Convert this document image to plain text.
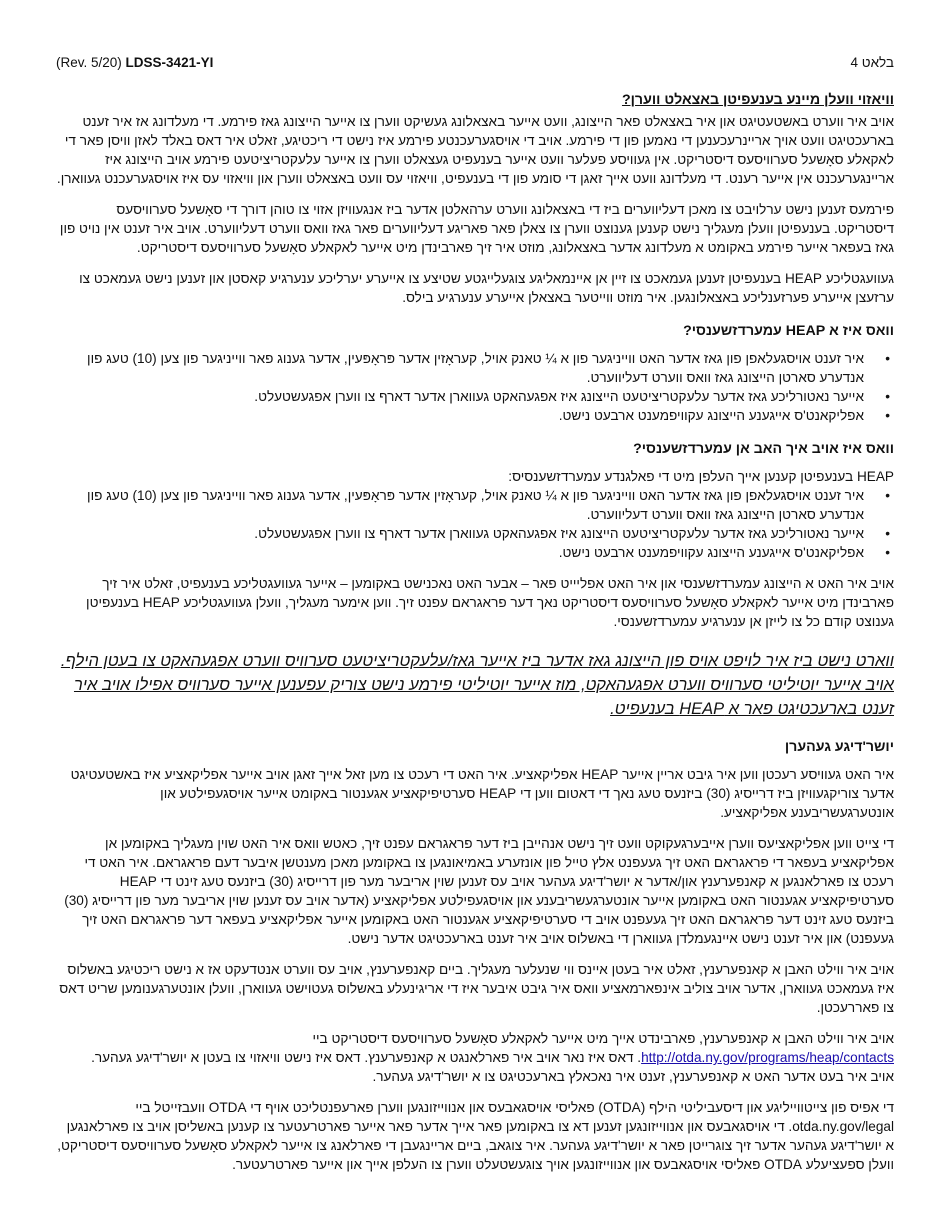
(Rev. 5/20) LDSS-3421-YI	בלאט 4
ווי‏אזוי וועלן מיינע בענעפיטן באצאלט ווערן?

אויב איר ווערט באשטעטיגט און איר באצאלט פאר הייצונג, וועט אייער באצאלונג געשיקט ווערן צו אייער הייצונג גאז פירמע. די מעלדונג אז איר זענט בארעכטיגט וועט אויך אריינרעכענען די נאמען פון די פירמע. אויב די אויסגערעכנטע פירמע איז נישט די ריכטיגע, זאלט איר דאס באלד לאזן וויסן פאר די לאקאלע סאָשעל סערוויסעס דיסטריקט. אין געוויסע פעלער וועט אייער בענעפיט געצאלט ווערן צו אייער עלעקטריציטעט פירמע אויב הייצונג איז אריינגערעכנט אין אייער רענט. די מעלדונג וועט אייך זאגן די סומע פון די בענעפיט, וויאזוי עס וועט באצאלט ווערן און וויאזוי עס איז אויסגערעכנט געווארן.

פירמעס זענען נישט ערלויבט צו מאכן דעליווערים ביז די באצאלונג ווערט ערהאלטן אדער ביז אנגעוויזן אזוי צו טוהן דורך די סאָשעל סערוויסעס דיסטריקט. בענעפיטן וועלן מעגליך נישט קענען גענוצט ווערן צו צאלן פאר פאריגע דעליווערים פאר גאז וואס ווערט דעליווערט. אויב איר זענט אין נויט פון גאז בעפאר אייער פירמע באקומט א מעלדונג אדער באצאלונג, מוזט איר זיך פארבינדן מיט אייער לאקאלע סאָשעל סערוויסעס דיסטריקט.

געוועגטליכע HEAP בענעפיטן זענען געמאכט צו זיין אן איינמאליגע צוגעלייגטע שטיצע צו אייערע יערליכע ענערגיע קאסטן און זענען נישט געמאכט צו ערזעצן אייערע פערזענליכע באצאלונגען. איר מוזט ווייטער באצאלן אייערע ענערגיע בילס.

וואס איז א HEAP עמערדזשענסי?
•
איר זענט אויסגעלאפן פון גאז אדער האט ווייניגער פון א ¼ טאנק אויל, קעראָזין אדער פּראָפּעין, אדער גענוג פאר ווייניגער פון צען (10) טעג פון אנדערע סארטן הייצונג גאז וואס ווערט דעליווערט.
•
אייער נאטורליכע גאז אדער עלעקטריציטעט הייצונג איז אפגעהאקט געווארן אדער דארף צו ווערן אפגעשטעלט.
•
אפליקאנט'ס אייגענע הייצונג עקוויפמענט ארבעט נישט.
וואס איז אויב איך האב אן עמערדזשענסי?

HEAP בענעפיטן קענען אייך העלפן מיט די פאלגנדע עמערדזשענסיס:

•
איר זענט אויסגעלאפן פון גאז אדער האט ווייניגער פון א ¼ טאנק אויל, קעראָזין אדער פּראָפּעין, אדער גענוג פאר ווייניגער פון צען (10) טעג פון אנדערע סארטן הייצונג גאז וואס ווערט דעליווערט.
•
אייער נאטורליכע גאז אדער עלעקטריציטעט הייצונג איז אפגעהאקט געווארן אדער דארף צו ווערן אפגעשטעלט.
•
אפליקאנט'ס אייגענע הייצונג עקוויפמענט ארבעט נישט.

אויב איר האט א הייצונג עמערדזשענסי און איר האט אפליייט פאר – אבער האט נאכנישט באקומען – אייער געוועגטליכע בענעפיט, זאלט איר זיך פארבינדן מיט אייער לאקאלע סאָשעל סערוויסעס דיסטריקט נאך דער פראגראם עפנט זיך. ווען אימער מעגליך, וועלן געוועגטליכע HEAP בענעפיטן גענוצט קודם כל צו לייזן אן ענערגיע עמערדזשענסי.

ווארט נישט ביז איר לויפט אויס פון הייצונג גאז אדער ביז אייער גאז/עלעקטריציטעט סערוויס ווערט אפגעהאקט צו בעטן הילף. אויב אייער יוטיליטי סערוויס ווערט אפגעהאקט, מוז אייער יוטיליטי פירמע נישט צוריק עפענען אייער סערוויס אפילו אויב איר זענט בארעכטיגט פאר א HEAP בענעפיט.
יושר'דיגע געהערן

איר האט געוויסע רעכטן ווען איר גיבט אריין אייער HEAP אפליקאציע. איר האט די רעכט צו מען זאל אייך זאגן אויב אייער אפליקאציע איז באשטעטיגט אדער צוריקגעוויזן ביז דרייסיג (30) ביזנעס טעג נאך די דאטום ווען די HEAP סערטיפיקאציע אגענטור באקומט אייער אויסגעפילטע און אונטערגעשריבענע אפליקאציע.

די צייט ווען אפליקאציעס ווערן אייבערגעקוקט וועט זיך נישט אנהייבן ביז דער פראגראם עפנט זיך, כאטש וואס איר האט שוין מעגליך באקומען אן אפליקאציע בעפאר די פראגראם האט זיך געעפנט אלץ טייל פון אונזערע באמיאונגען צו באקומען מאכן מענטשן איבער דעם פראגראם. איר האט די רעכט צו פארלאנגען א קאנפערענץ און/אדער א יושר'דיגע געהער אויב עס זענען שוין אריבער מער פון דרייסיג (30) ביזנעס טעג זינט די HEAP סערטיפיקאציע אגענטור האט באקומען אייער אונטערגעשריבענע און אויסגעפילטע אפליקאציע (אדער אויב עס זענען שוין אריבער מער פון דרייסיג (30) ביזנעס טעג זינט דער פראגראם האט זיך געעפנט אויב די סערטיפיקאציע אגענטור האט באקומען אייער אפליקאציע בעפאר דער פראגראם האט זיך געעפנט) און איר זענט נישט איינגעמלדן געווארן די באשלוס אויב איר זענט בארעכטיגט אדער נישט.

אויב איר ווילט האבן א קאנפערענץ, זאלט איר בעטן איינס ווי שנעלער מעגליך. ביים קאנפערענץ, אויב עס ווערט אנטדעקט אז א נישט ריכטיגע באשלוס איז געמאכט געווארן, אדער אויב צוליב אינפארמאציע וואס איר גיבט איבער איז די אריגינעלע באשלוס געטוישט געווארן, וועלן אונטערגענומען שריט דאס צו פאררעכטן.

אויב איר ווילט האבן א קאנפערענץ, פארבינדט אייך מיט אייער לאקאלע סאָשעל סערוויסעס דיסטריקט ביי
http://otda.ny.gov/programs/heap/contacts. דאס איז נאר אויב איר פארלאנגט א קאנפערענץ. דאס איז נישט וויאזוי צו בעטן א יושר'דיגע געהער.
אויב איר בעט אדער האט א קאנפערענץ, זענט איר נאכאלץ בארעכטיגט צו א יושר'דיגע געהער.

די אפיס פון צייטווייליגע און דיסעביליטי הילף (OTDA) פאליסי אויסגאבעס און אנווייזונגען ווערן פארעפנטליכט אויף די OTDA וועבזייטל ביי otda.ny.gov/legal. די אויסגאבעס און אנווייזונגען זענען דא צו באקומען פאר אייך אדער פאר אייער פארטרעטער צו קענען באשליסן אויב צו פארלאנגען א יושר'דיגע געהער אדער זיך צוגרייטן פאר א יושר'דיגע געהער. איר צוגאב, ביים אריינגעבן די פארלאנג צו אייער לאקאלע סאָשעל סערוויסעס דיסטריקט, וועלן ספעציעלע OTDA פאליסי אויסגאבעס און אנווייזונגען אויך צוגעשטעלט ווערן צו העלפן אייך און אייער פארטרעטער.
